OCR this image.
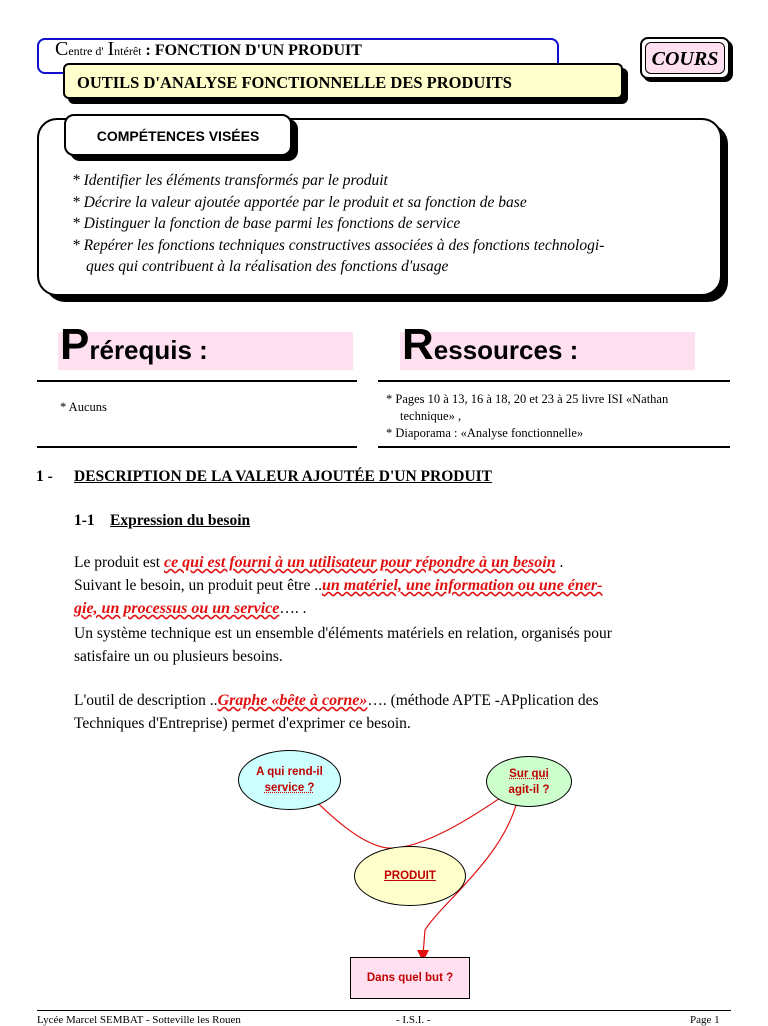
Centre d' Intérêt : FONCTION D'UN PRODUIT
OUTILS D'ANALYSE FONCTIONNELLE DES PRODUITS
COURS
COMPÉTENCES VISÉES
* Identifier les éléments transformés par le produit
* Décrire la valeur ajoutée apportée par le produit et sa fonction de base
* Distinguer la fonction de base parmi les fonctions de service
* Repérer les fonctions techniques constructives associées à des fonctions technologi-
ques qui contribuent à la réalisation des fonctions d'usage
Prérequis :
* Aucuns
Ressources :
* Pages 10 à 13, 16 à 18, 20 et 23 à 25 livre ISI «Nathan
technique» ,
* Diaporama : «Analyse fonctionnelle»
1 - DESCRIPTION DE LA VALEUR AJOUTÉE D'UN PRODUIT
1-1 Expression du besoin
Le produit est ce qui est fourni à un utilisateur pour répondre à un besoin .
Suivant le besoin, un produit peut être ..un matériel, une information ou une éner-
gie, un processus ou un service…. .
Un système technique est un ensemble d'éléments matériels en relation, organisés pour
satisfaire un ou plusieurs besoins.
L'outil de description ..Graphe «bête à corne»…. (méthode APTE -APplication des
Techniques d'Entreprise) permet d'exprimer ce besoin.
A qui rend-il
service ?
Sur qui
agit-il ?
PRODUIT
Dans quel but ?
Lycée Marcel SEMBAT - Sotteville les Rouen	- I.S.I. -	Page 1
